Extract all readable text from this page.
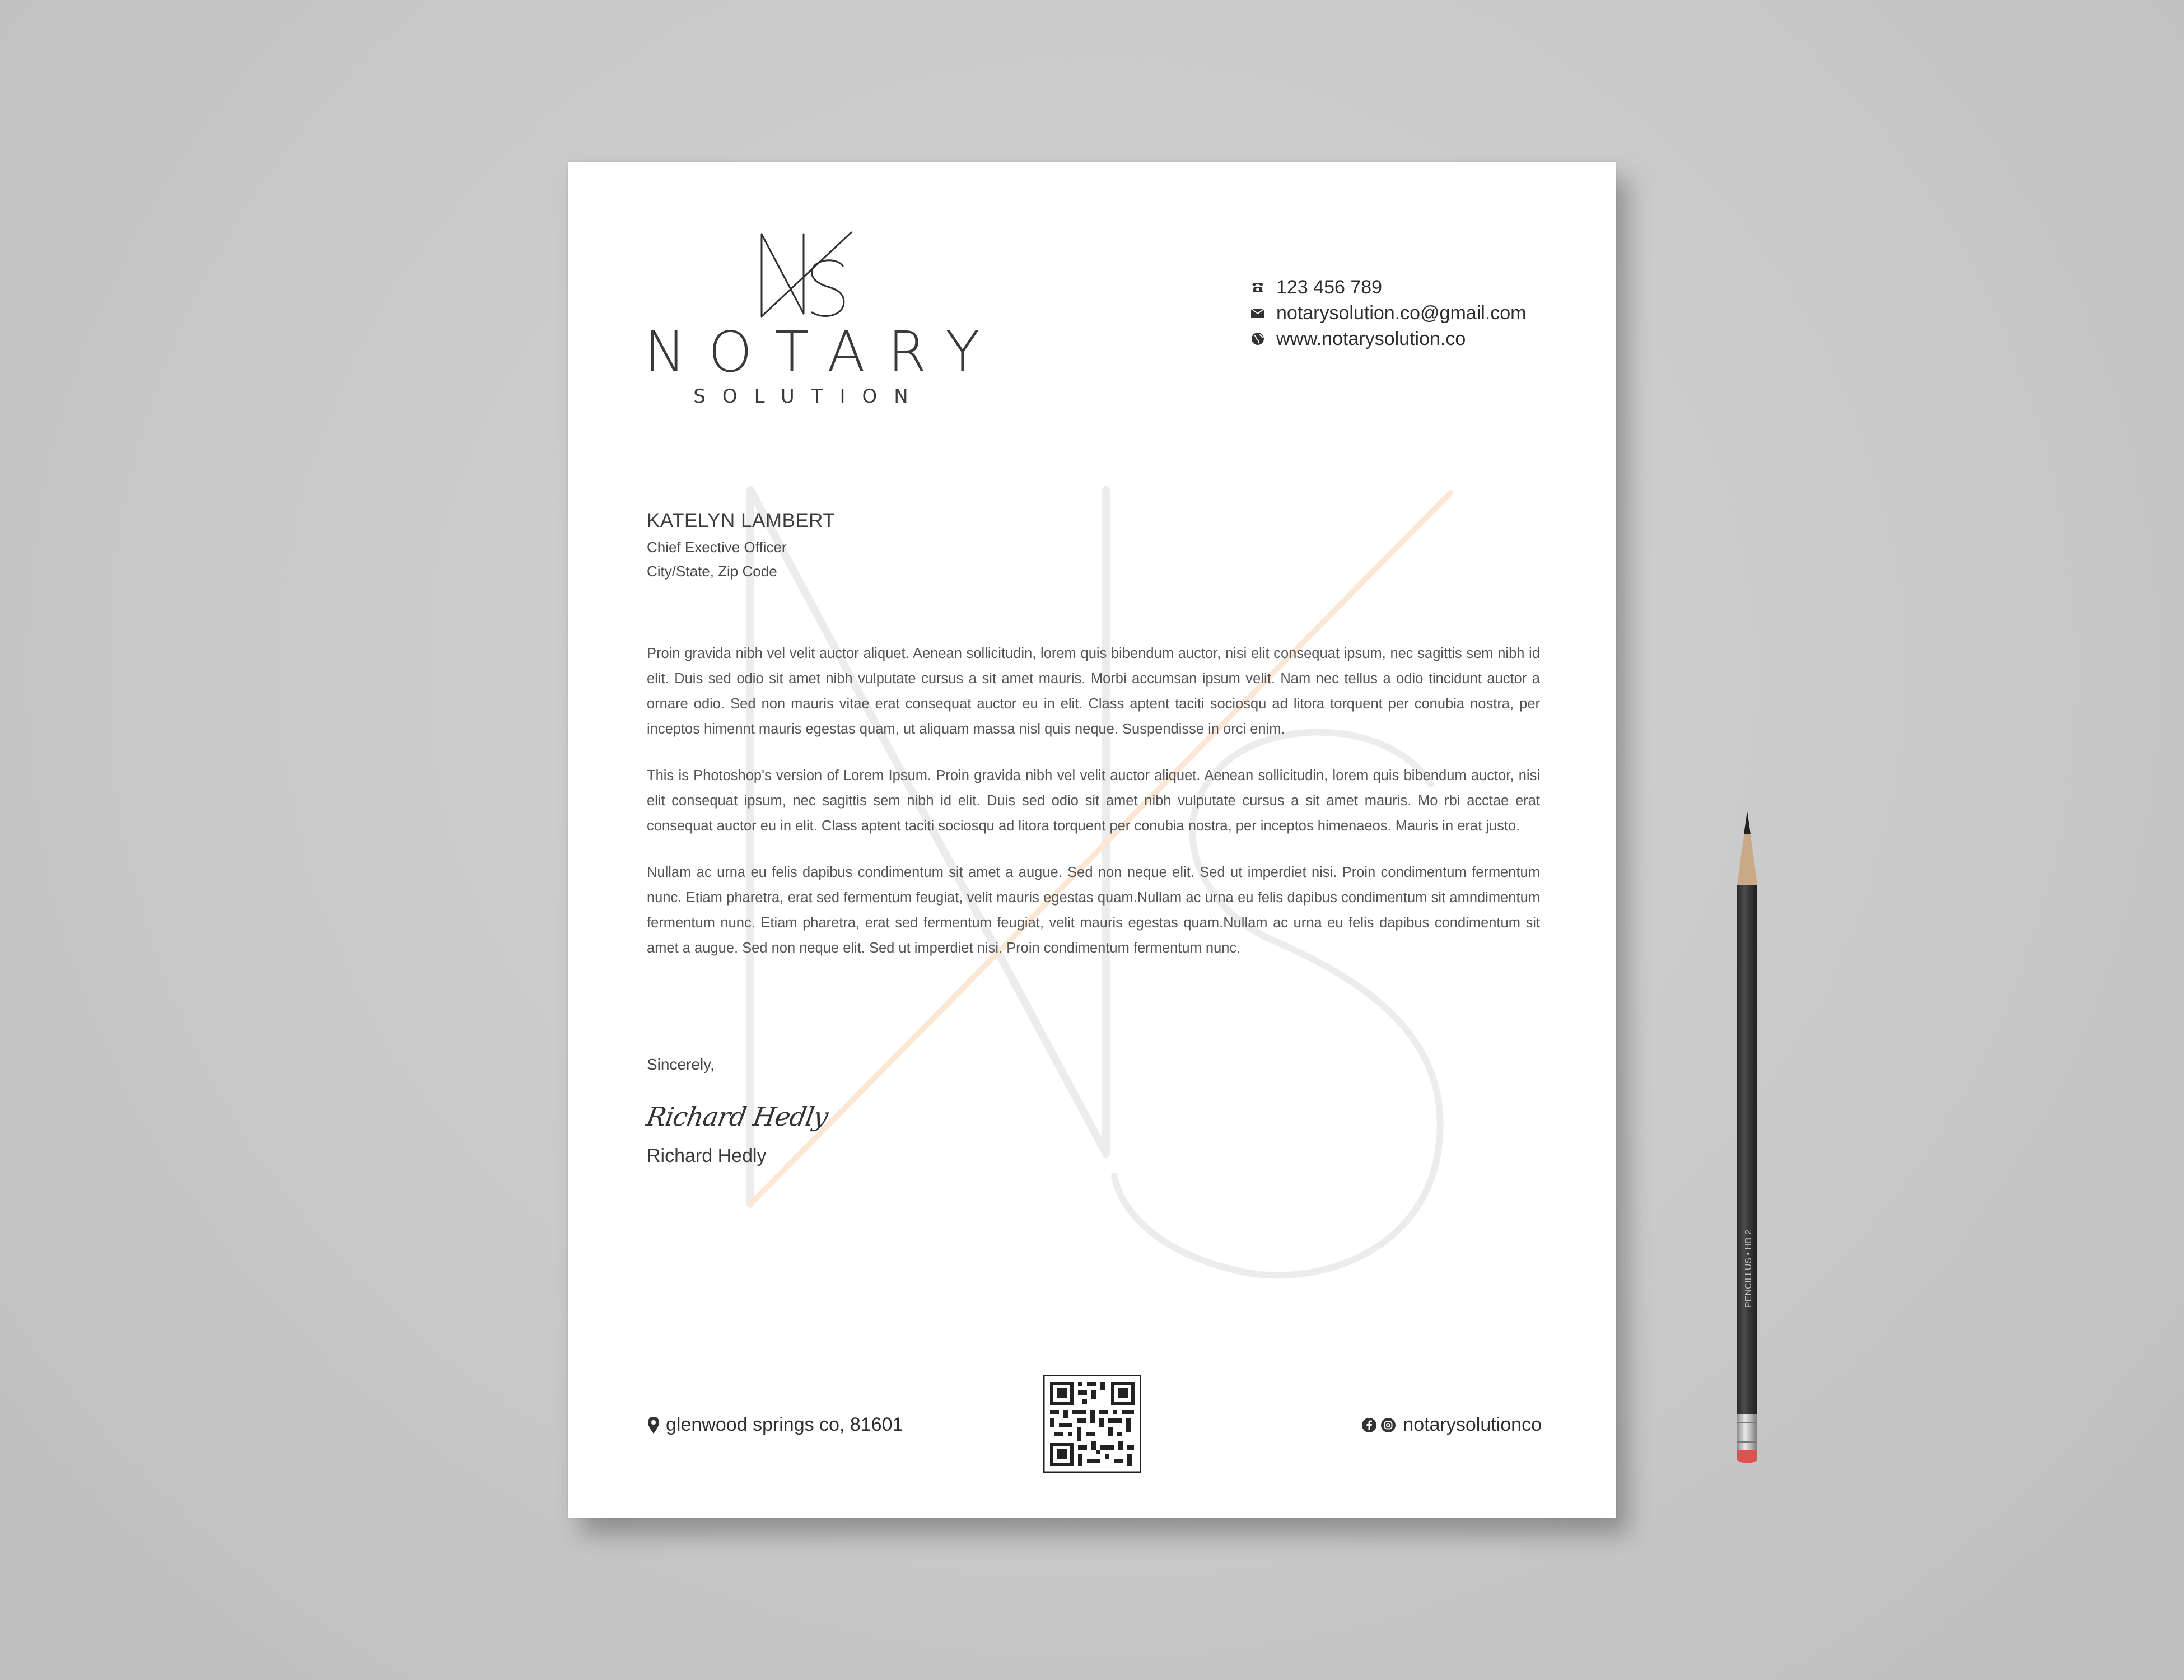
NOTARY
SOLUTION
123 456 789
notarysolution.co@gmail.com
www.notarysolution.co
KATELYN LAMBERT
Chief Exective Officer
City/State, Zip Code

Proin gravida nibh vel velit auctor aliquet. Aenean sollicitudin, lorem quis bibendum auctor, nisi elit consequat ipsum, nec sagittis sem nibh id elit. Duis sed odio sit amet nibh vulputate cursus a sit amet mauris. Morbi accumsan ipsum velit. Nam nec tellus a odio tincidunt auctor a ornare odio. Sed non mauris vitae erat consequat auctor eu in elit. Class aptent taciti sociosqu ad litora torquent per conubia nostra, per inceptos himennt mauris egestas quam, ut aliquam massa nisl quis neque. Suspendisse in orci enim.

This is Photoshop's version of Lorem Ipsum. Proin gravida nibh vel velit auctor aliquet. Aenean sollicitudin, lorem quis bibendum auctor, nisi elit consequat ipsum, nec sagittis sem nibh id elit. Duis sed odio sit amet nibh vulputate cursus a sit amet mauris. Mo rbi acctae erat consequat auctor eu in elit. Class aptent taciti sociosqu ad litora torquent per conubia nostra, per inceptos himenaeos. Mauris in erat justo.

Nullam ac urna eu felis dapibus condimentum sit amet a augue. Sed non neque elit. Sed ut imperdiet nisi. Proin condimentum fermentum nunc. Etiam pharetra, erat sed fermentum feugiat, velit mauris egestas quam.Nullam ac urna eu felis dapibus condimentum sit amndimentum fermentum nunc. Etiam pharetra, erat sed fermentum feugiat, velit mauris egestas quam.Nullam ac urna eu felis dapibus condimentum sit amet a augue. Sed non neque elit. Sed ut imperdiet nisi. Proin condimentum fermentum nunc.

Sincerely,
Richard Hedly
Richard Hedly
glenwood springs co, 81601	notarysolutionco
PENCILLUS • HB 2
